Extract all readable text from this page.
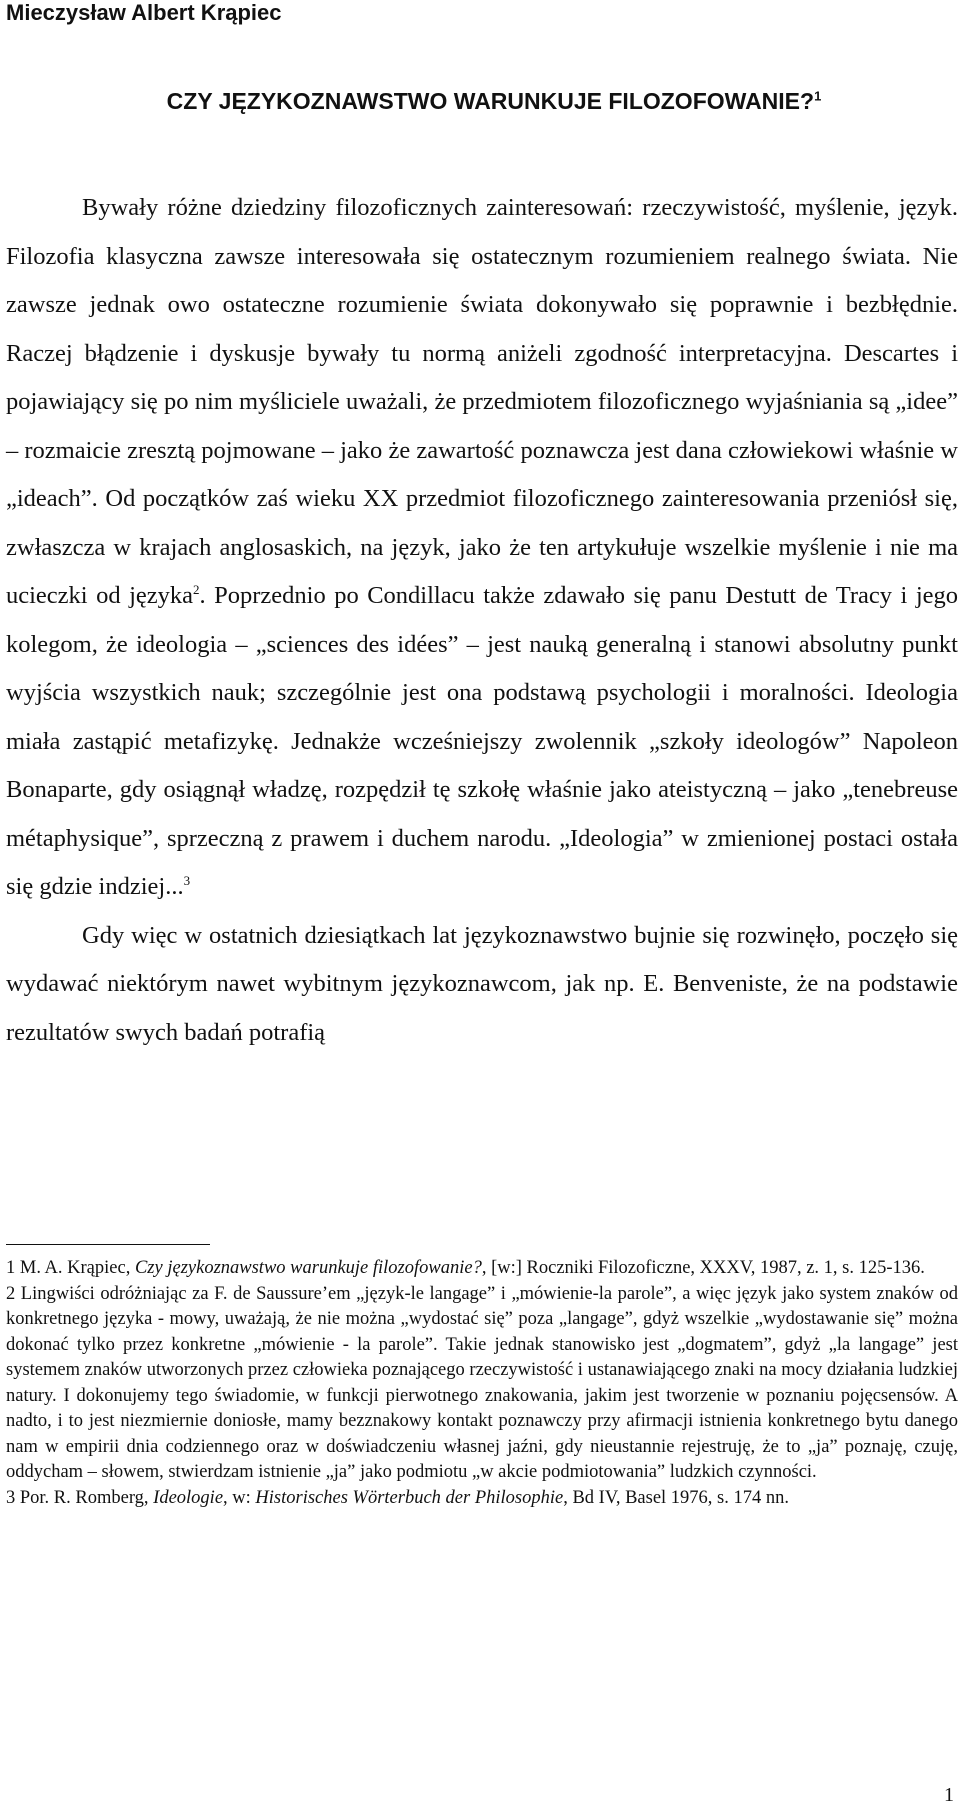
Mieczysław Albert Krąpiec

CZY JĘZYKOZNAWSTWO WARUNKUJE FILOZOFOWANIE?$^1$

Bywały różne dziedziny filozoficznych zainteresowań: rzeczywistość, myślenie, język. Filozofia klasyczna zawsze interesowała się ostatecznym rozumieniem realnego świata. Nie zawsze jednak owo ostateczne rozumienie świata dokonywało się poprawnie i bezbłędnie. Raczej błądzenie i dyskusje bywały tu normą aniżeli zgodność interpretacyjna. Descartes i pojawiający się po nim myśliciele uważali, że przedmiotem filozoficznego wyjaśniania są „idee” – rozmaicie zresztą pojmowane – jako że zawartość poznawcza jest dana człowiekowi właśnie w „ideach”. Od początków zaś wieku XX przedmiot filozoficznego zainteresowania przeniósł się, zwłaszcza w krajach anglosaskich, na język, jako że ten artykułuje wszelkie myślenie i nie ma ucieczki od języka$^2$. Poprzednio po Condillacu także zdawało się panu Destutt de Tracy i jego kolegom, że ideologia – „sciences des idées” – jest nauką generalną i stanowi absolutny punkt wyjścia wszystkich nauk; szczególnie jest ona podstawą psychologii i moralności. Ideologia miała zastąpić metafizykę. Jednakże wcześniejszy zwolennik „szkoły ideologów” Napoleon Bonaparte, gdy osiągnął władzę, rozpędził tę szkołę właśnie jako ateistyczną – jako „tenebreuse métaphysique”, sprzeczną z prawem i duchem narodu. „Ideologia” w zmienionej postaci ostała się gdzie indziej...$^3$

Gdy więc w ostatnich dziesiątkach lat językoznawstwo bujnie się rozwinęło, poczęło się wydawać niektórym nawet wybitnym językoznawcom, jak np. E. Benveniste, że na podstawie rezultatów swych badań potrafią

1 M. A. Krąpiec, Czy językoznawstwo warunkuje filozofowanie?, [w:] Roczniki Filozoficzne, XXXV, 1987, z. 1, s. 125-136.

2 Lingwiści odróżniając za F. de Saussure’em „język-le langage” i „mówienie-la parole”, a więc język jako system znaków od konkretnego języka - mowy, uważają, że nie można „wydostać się” poza „langage”, gdyż wszelkie „wydostawanie się” można dokonać tylko przez konkretne „mówienie - la parole”. Takie jednak stanowisko jest „dogmatem”, gdyż „la langage” jest systemem znaków utworzonych przez człowieka poznającego rzeczywistość i ustanawiającego znaki na mocy działania ludzkiej natury. I dokonujemy tego świadomie, w funkcji pierwotnego znakowania, jakim jest tworzenie w poznaniu pojęcsensów. A nadto, i to jest niezmiernie doniosłe, mamy bezznakowy kontakt poznawczy przy afirmacji istnienia konkretnego bytu danego nam w empirii dnia codziennego oraz w doświadczeniu własnej jaźni, gdy nieustannie rejestruję, że to „ja” poznaję, czuję, oddycham – słowem, stwierdzam istnienie „ja” jako podmiotu „w akcie podmiotowania” ludzkich czynności.

3 Por. R. Romberg, Ideologie, w: Historisches Wörterbuch der Philosophie, Bd IV, Basel 1976, s. 174 nn.

1
